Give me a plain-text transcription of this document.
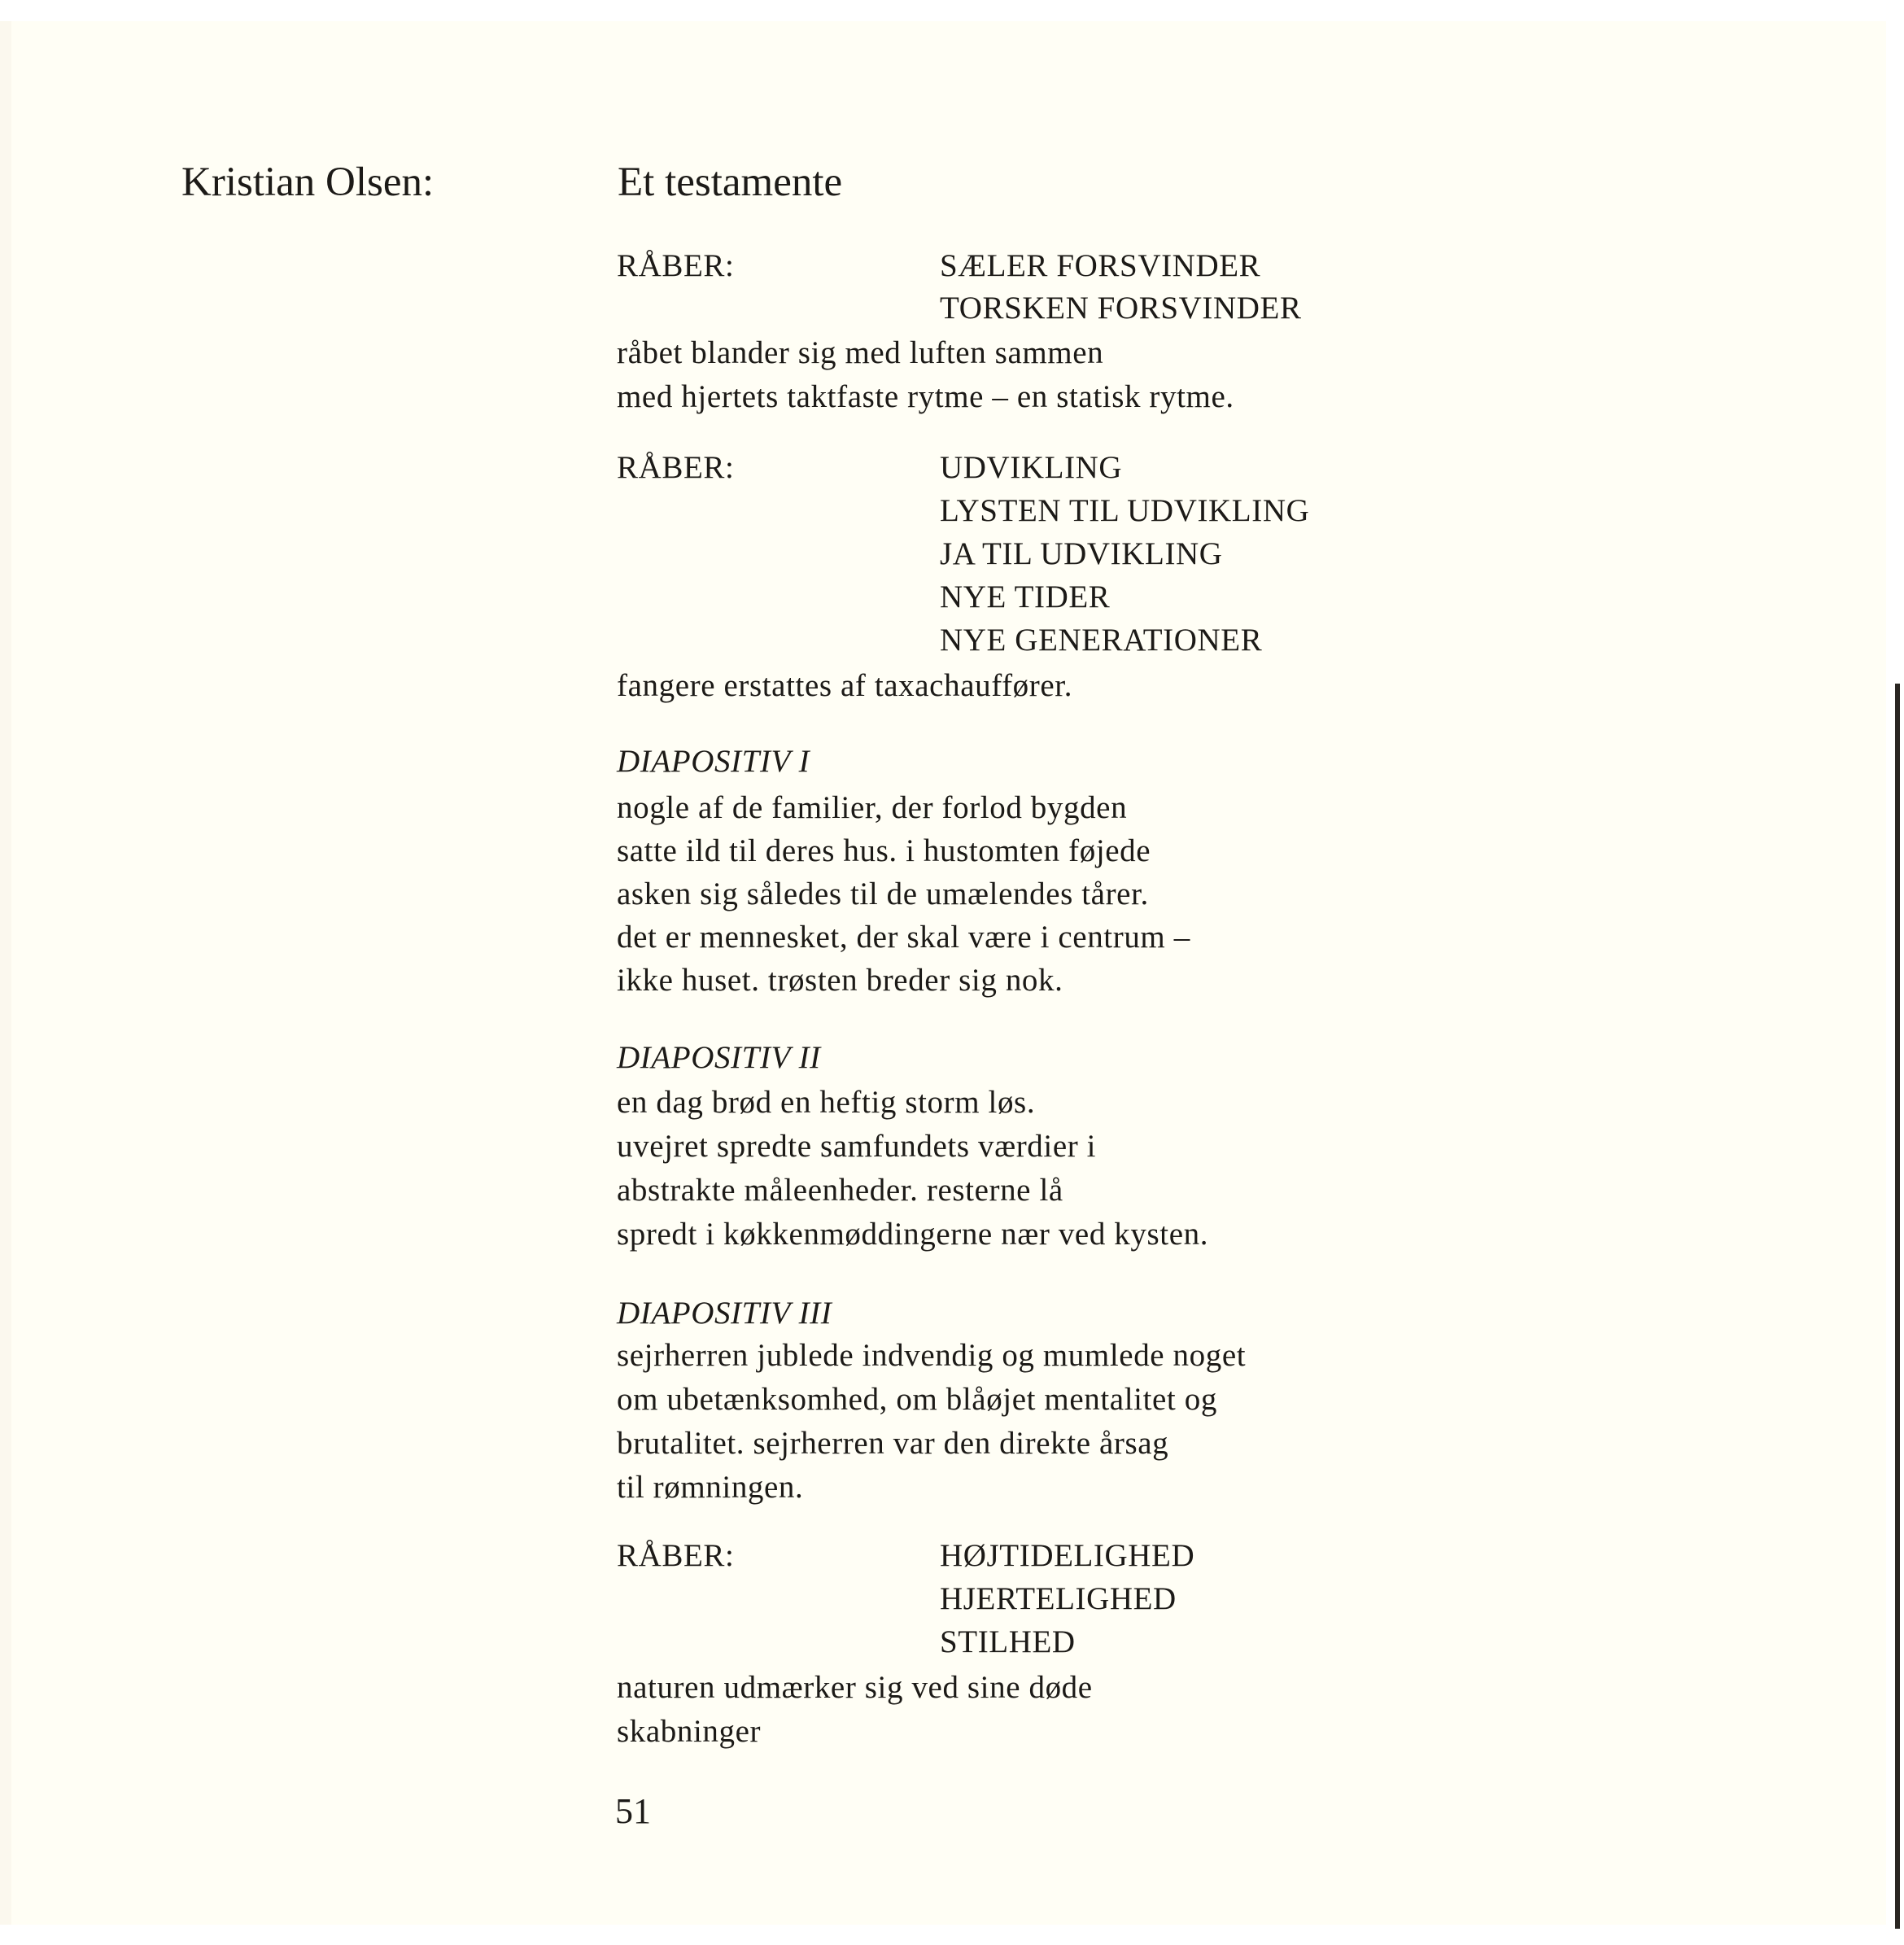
Kristian Olsen:	Et testamente
RÅBER:	SÆLER FORSVINDER
TORSKEN FORSVINDER
råbet blander sig med luften sammen
med hjertets taktfaste rytme – en statisk rytme.
RÅBER:	UDVIKLING
LYSTEN TIL UDVIKLING
JA TIL UDVIKLING
NYE TIDER
NYE GENERATIONER
fangere erstattes af taxachauffører.
DIAPOSITIV I
nogle af de familier, der forlod bygden
satte ild til deres hus. i hustomten føjede
asken sig således til de umælendes tårer.
det er mennesket, der skal være i centrum –
ikke huset. trøsten breder sig nok.
DIAPOSITIV II
en dag brød en heftig storm løs.
uvejret spredte samfundets værdier i
abstrakte måleenheder. resterne lå
spredt i køkkenmøddingerne nær ved kysten.
DIAPOSITIV III
sejrherren jublede indvendig og mumlede noget
om ubetænksomhed, om blåøjet mentalitet og
brutalitet. sejrherren var den direkte årsag
til rømningen.
RÅBER:	HØJTIDELIGHED
HJERTELIGHED
STILHED
naturen udmærker sig ved sine døde
skabninger
51
